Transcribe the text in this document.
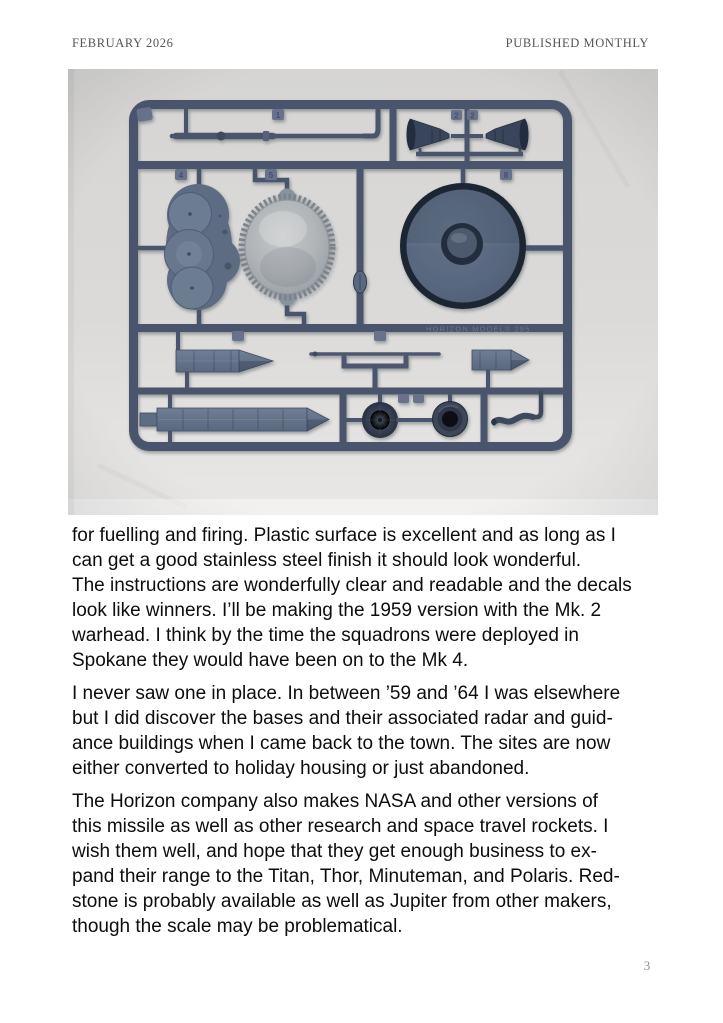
FEBRUARY 2026	PUBLISHED MONTHLY

for fuelling and firing. Plastic surface is excellent and as long as I
can get a good stainless steel finish it should look wonderful.
The instructions are wonderfully clear and readable and the decals
look like winners. I’ll be making the 1959 version with the Mk. 2
warhead. I think by the time the squadrons were deployed in
Spokane they would have been on to the Mk 4.

I never saw one in place. In between ’59 and ’64 I was elsewhere
but I did discover the bases and their associated radar and guid-
ance buildings when I came back to the town. The sites are now
either converted to holiday housing or just abandoned.

The Horizon company also makes NASA and other versions of
this missile as well as other research and space travel rockets. I
wish them well, and hope that they get enough business to ex-
pand their range to the Titan, Thor, Minuteman, and Polaris. Red-
stone is probably available as well as Jupiter from other makers,
though the scale may be problematical.

3
